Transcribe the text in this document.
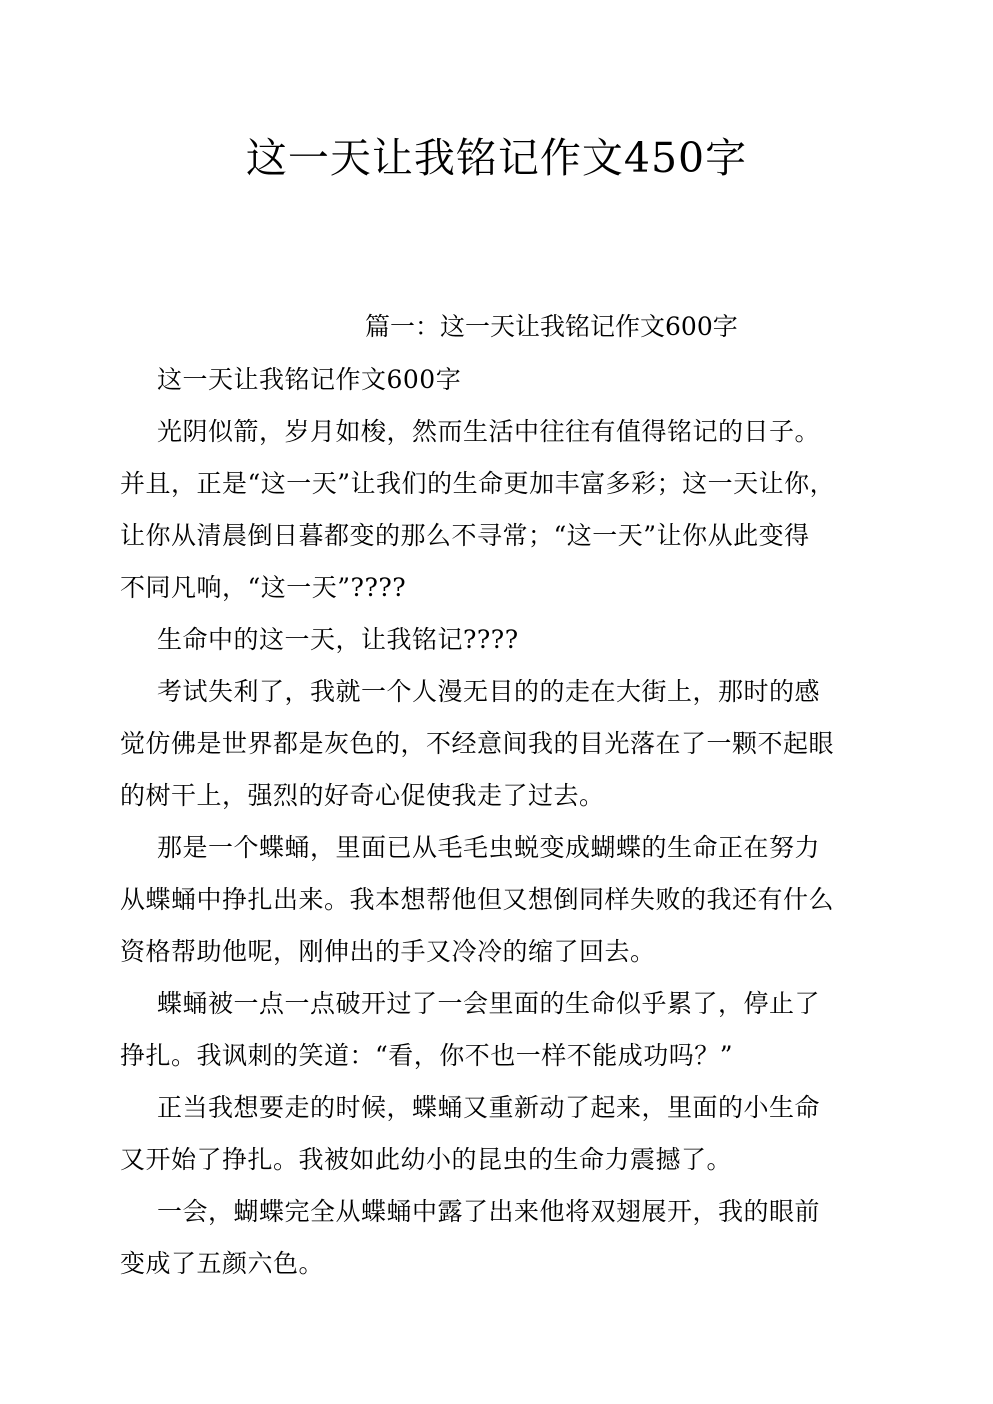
这一天让我铭记作文450字
篇一：这一天让我铭记作文600字
这一天让我铭记作文600字
光阴似箭，岁月如梭，然而生活中往往有值得铭记的日子。
并且，正是“这一天”让我们的生命更加丰富多彩；这一天让你，
让你从清晨倒日暮都变的那么不寻常；“这一天”让你从此变得
不同凡响，“这一天”????
生命中的这一天，让我铭记????
考试失利了，我就一个人漫无目的的走在大街上，那时的感
觉仿佛是世界都是灰色的，不经意间我的目光落在了一颗不起眼
的树干上，强烈的好奇心促使我走了过去。
那是一个蝶蛹，里面已从毛毛虫蜕变成蝴蝶的生命正在努力
从蝶蛹中挣扎出来。我本想帮他但又想倒同样失败的我还有什么
资格帮助他呢，刚伸出的手又冷冷的缩了回去。
蝶蛹被一点一点破开过了一会里面的生命似乎累了，停止了
挣扎。我讽刺的笑道：“看，你不也一样不能成功吗？”
正当我想要走的时候，蝶蛹又重新动了起来，里面的小生命
又开始了挣扎。我被如此幼小的昆虫的生命力震撼了。
一会，蝴蝶完全从蝶蛹中露了出来他将双翅展开，我的眼前
变成了五颜六色。
